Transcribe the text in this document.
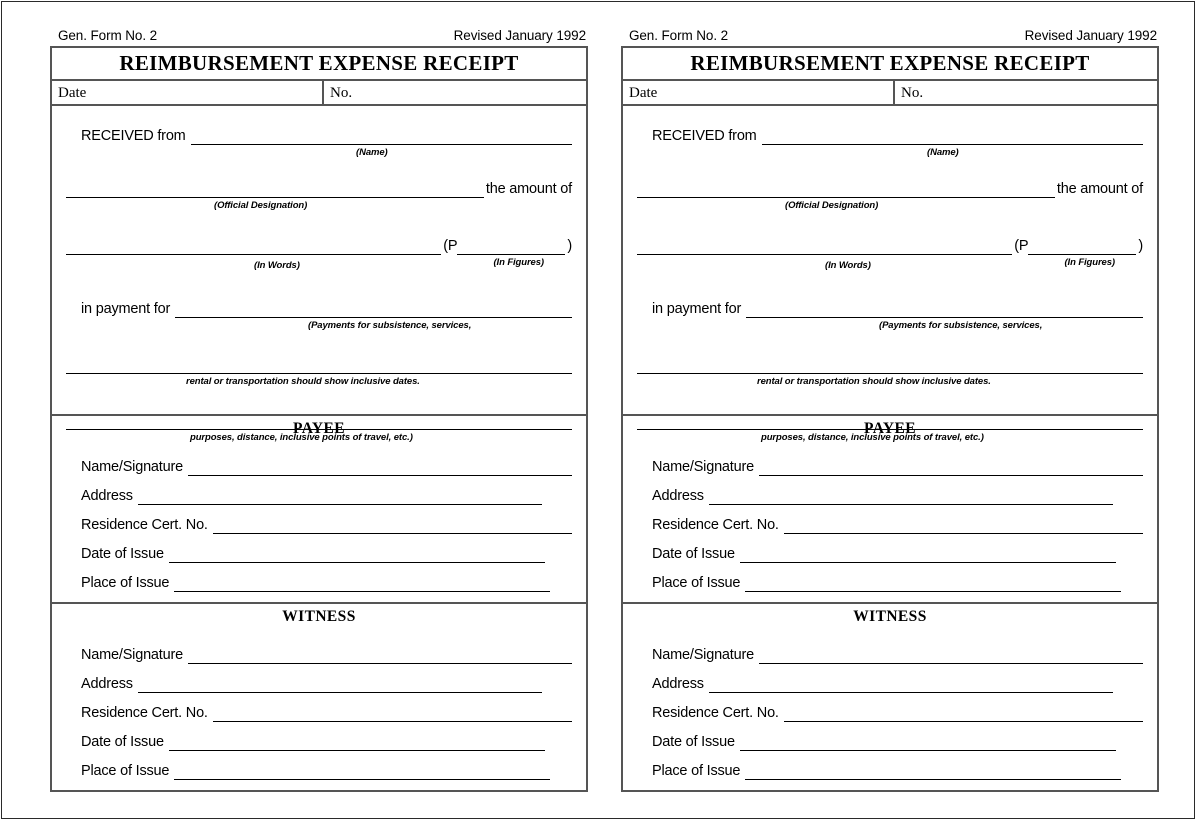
Gen. Form No. 2	Revised January 1992
REIMBURSEMENT EXPENSE RECEIPT
Date	No.
RECEIVED from
(Name)
the amount of
(Official Designation)
(P	)
(In Words)	(In Figures)
in payment for
(Payments for subsistence, services,
rental or transportation should show inclusive dates.
purposes, distance, inclusive points of travel, etc.)
PAYEE
Name/Signature
Address
Residence Cert. No.
Date of Issue
Place of Issue
WITNESS
Name/Signature
Address
Residence Cert. No.
Date of Issue
Place of Issue
Gen. Form No. 2	Revised January 1992
REIMBURSEMENT EXPENSE RECEIPT
Date	No.
RECEIVED from
(Name)
the amount of
(Official Designation)
(P	)
(In Words)	(In Figures)
in payment for
(Payments for subsistence, services,
rental or transportation should show inclusive dates.
purposes, distance, inclusive points of travel, etc.)
PAYEE
Name/Signature
Address
Residence Cert. No.
Date of Issue
Place of Issue
WITNESS
Name/Signature
Address
Residence Cert. No.
Date of Issue
Place of Issue
